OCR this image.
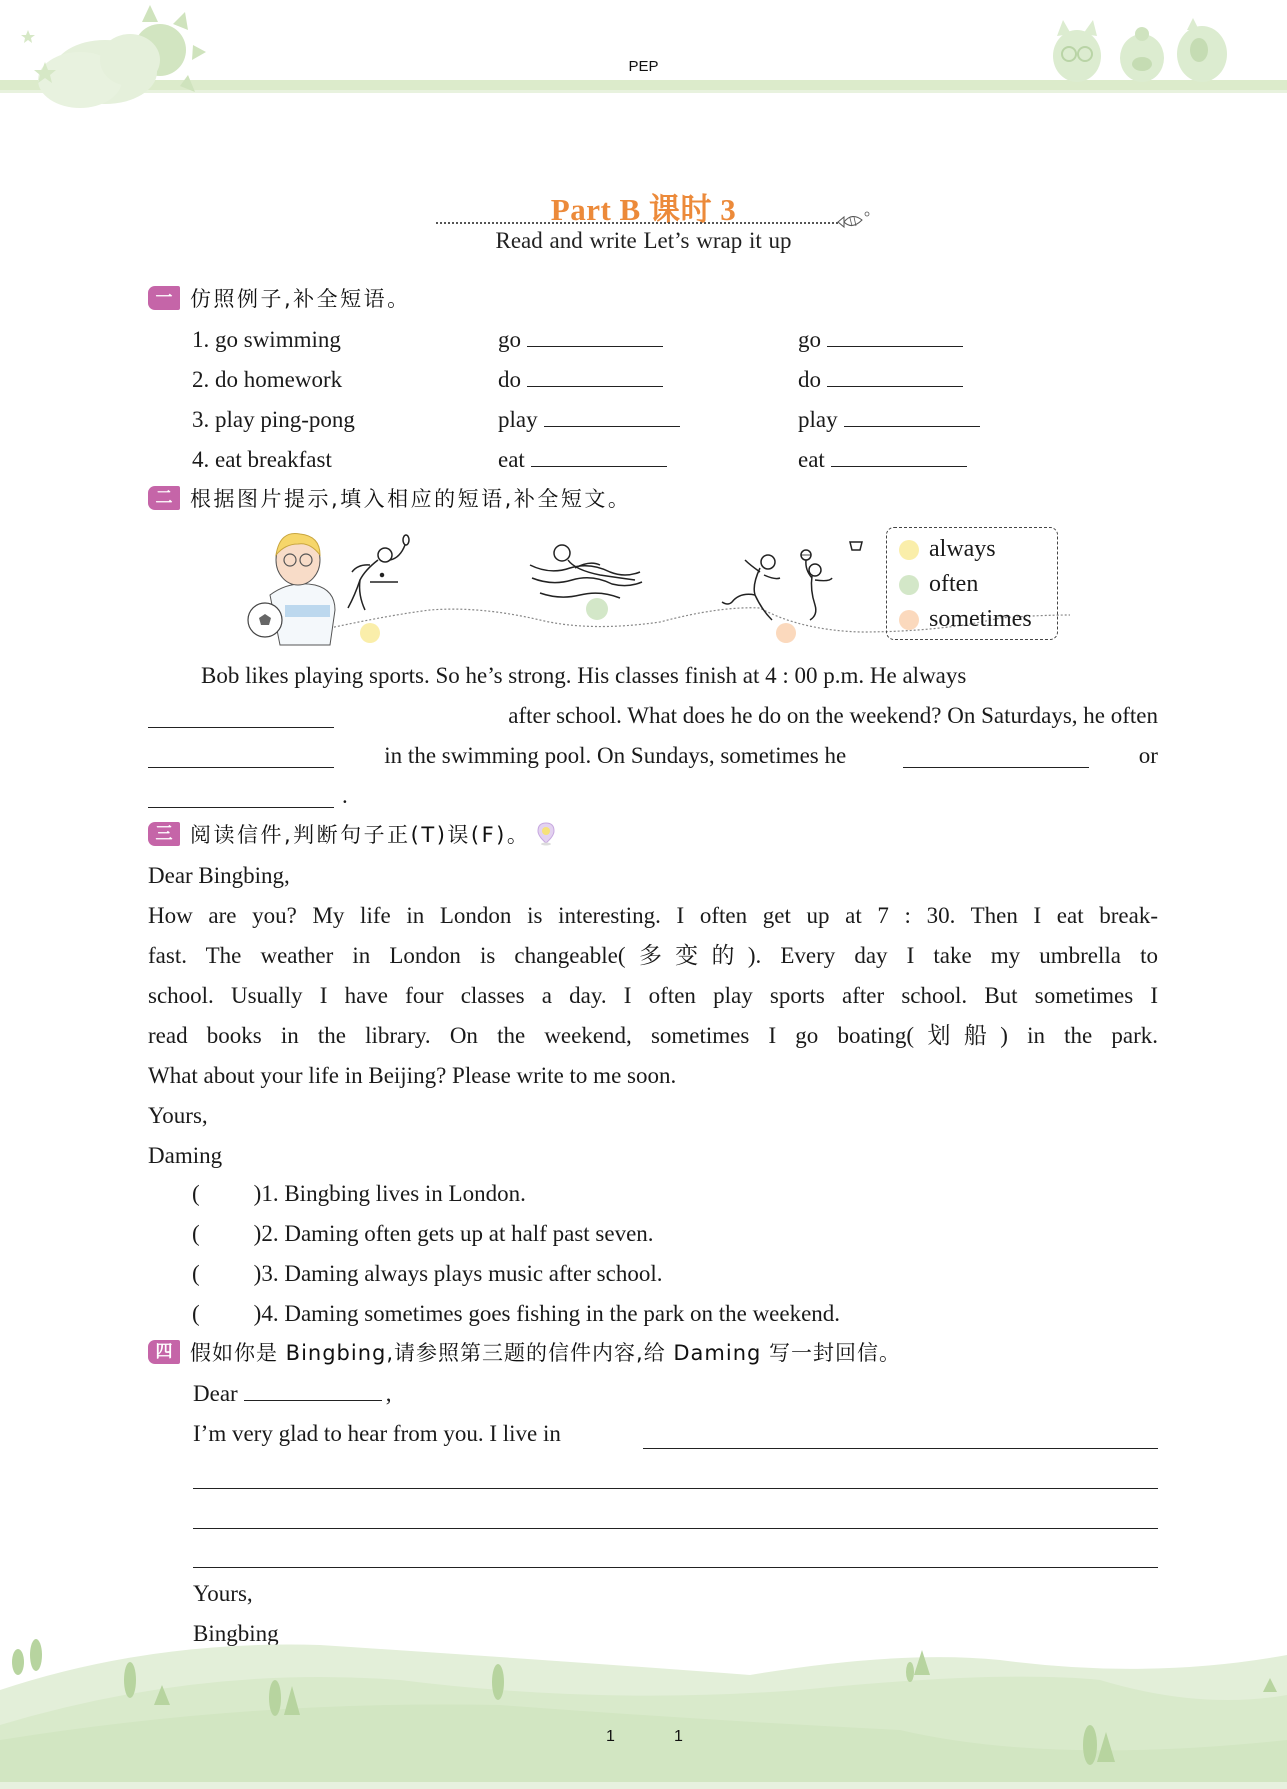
PEP
Part B 课时 3
Read and write Let’s wrap it up
一 仿照例子,补全短语。
1. go swimming	go	go
2. do homework	do	do
3. play ping-pong	play	play
4. eat breakfast	eat	eat
二 根据图片提示,填入相应的短语,补全短文。
always
often
sometimes
Bob likes playing sports. So he’s strong. His classes finish at 4 : 00 p.m. He always
after school. What does he do on the weekend? On Saturdays, he often
in the swimming pool. On Sundays, sometimes he	or
.
三 阅读信件,判断句子正(T)误(F)。
Dear Bingbing,
How are you? My life in London is interesting. I often get up at 7 : 30. Then I eat break-
fast. The weather in London is changeable(多变的). Every day I take my umbrella to
school. Usually I have four classes a day. I often play sports after school. But sometimes I
read books in the library. On the weekend, sometimes I go boating(划船) in the park.
What about your life in Beijing? Please write to me soon.
Yours,
Daming
( )1. Bingbing lives in London.
( )2. Daming often gets up at half past seven.
( )3. Daming always plays music after school.
( )4. Daming sometimes goes fishing in the park on the weekend.
四 假如你是 Bingbing,请参照第三题的信件内容,给 Daming 写一封回信。
Dear	,
I’m very glad to hear from you. I live in
Yours,
Bingbing
1	1
